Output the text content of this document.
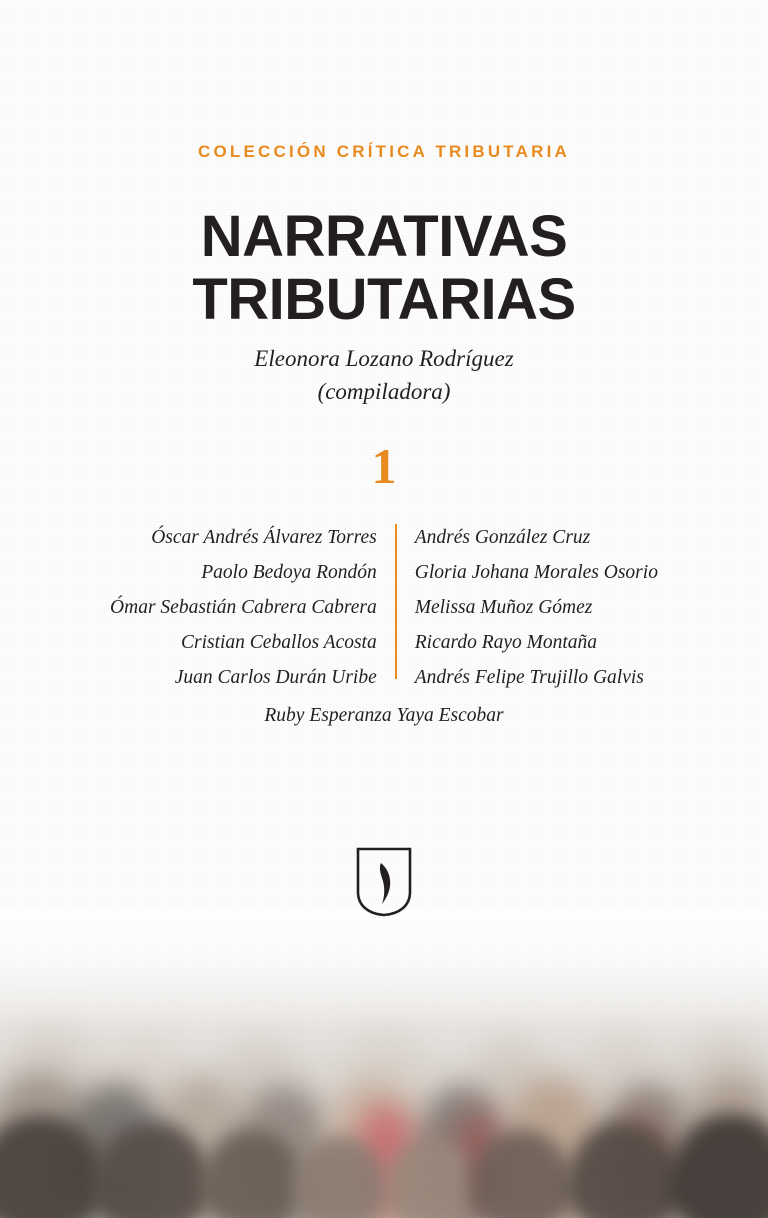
COLECCIÓN CRÍTICA TRIBUTARIA
NARRATIVAS
TRIBUTARIAS
Eleonora Lozano Rodríguez
(compiladora)
1
Óscar Andrés Álvarez Torres
Paolo Bedoya Rondón
Ómar Sebastián Cabrera Cabrera
Cristian Ceballos Acosta
Juan Carlos Durán Uribe
Andrés González Cruz
Gloria Johana Morales Osorio
Melissa Muñoz Gómez
Ricardo Rayo Montaña
Andrés Felipe Trujillo Galvis
Ruby Esperanza Yaya Escobar
